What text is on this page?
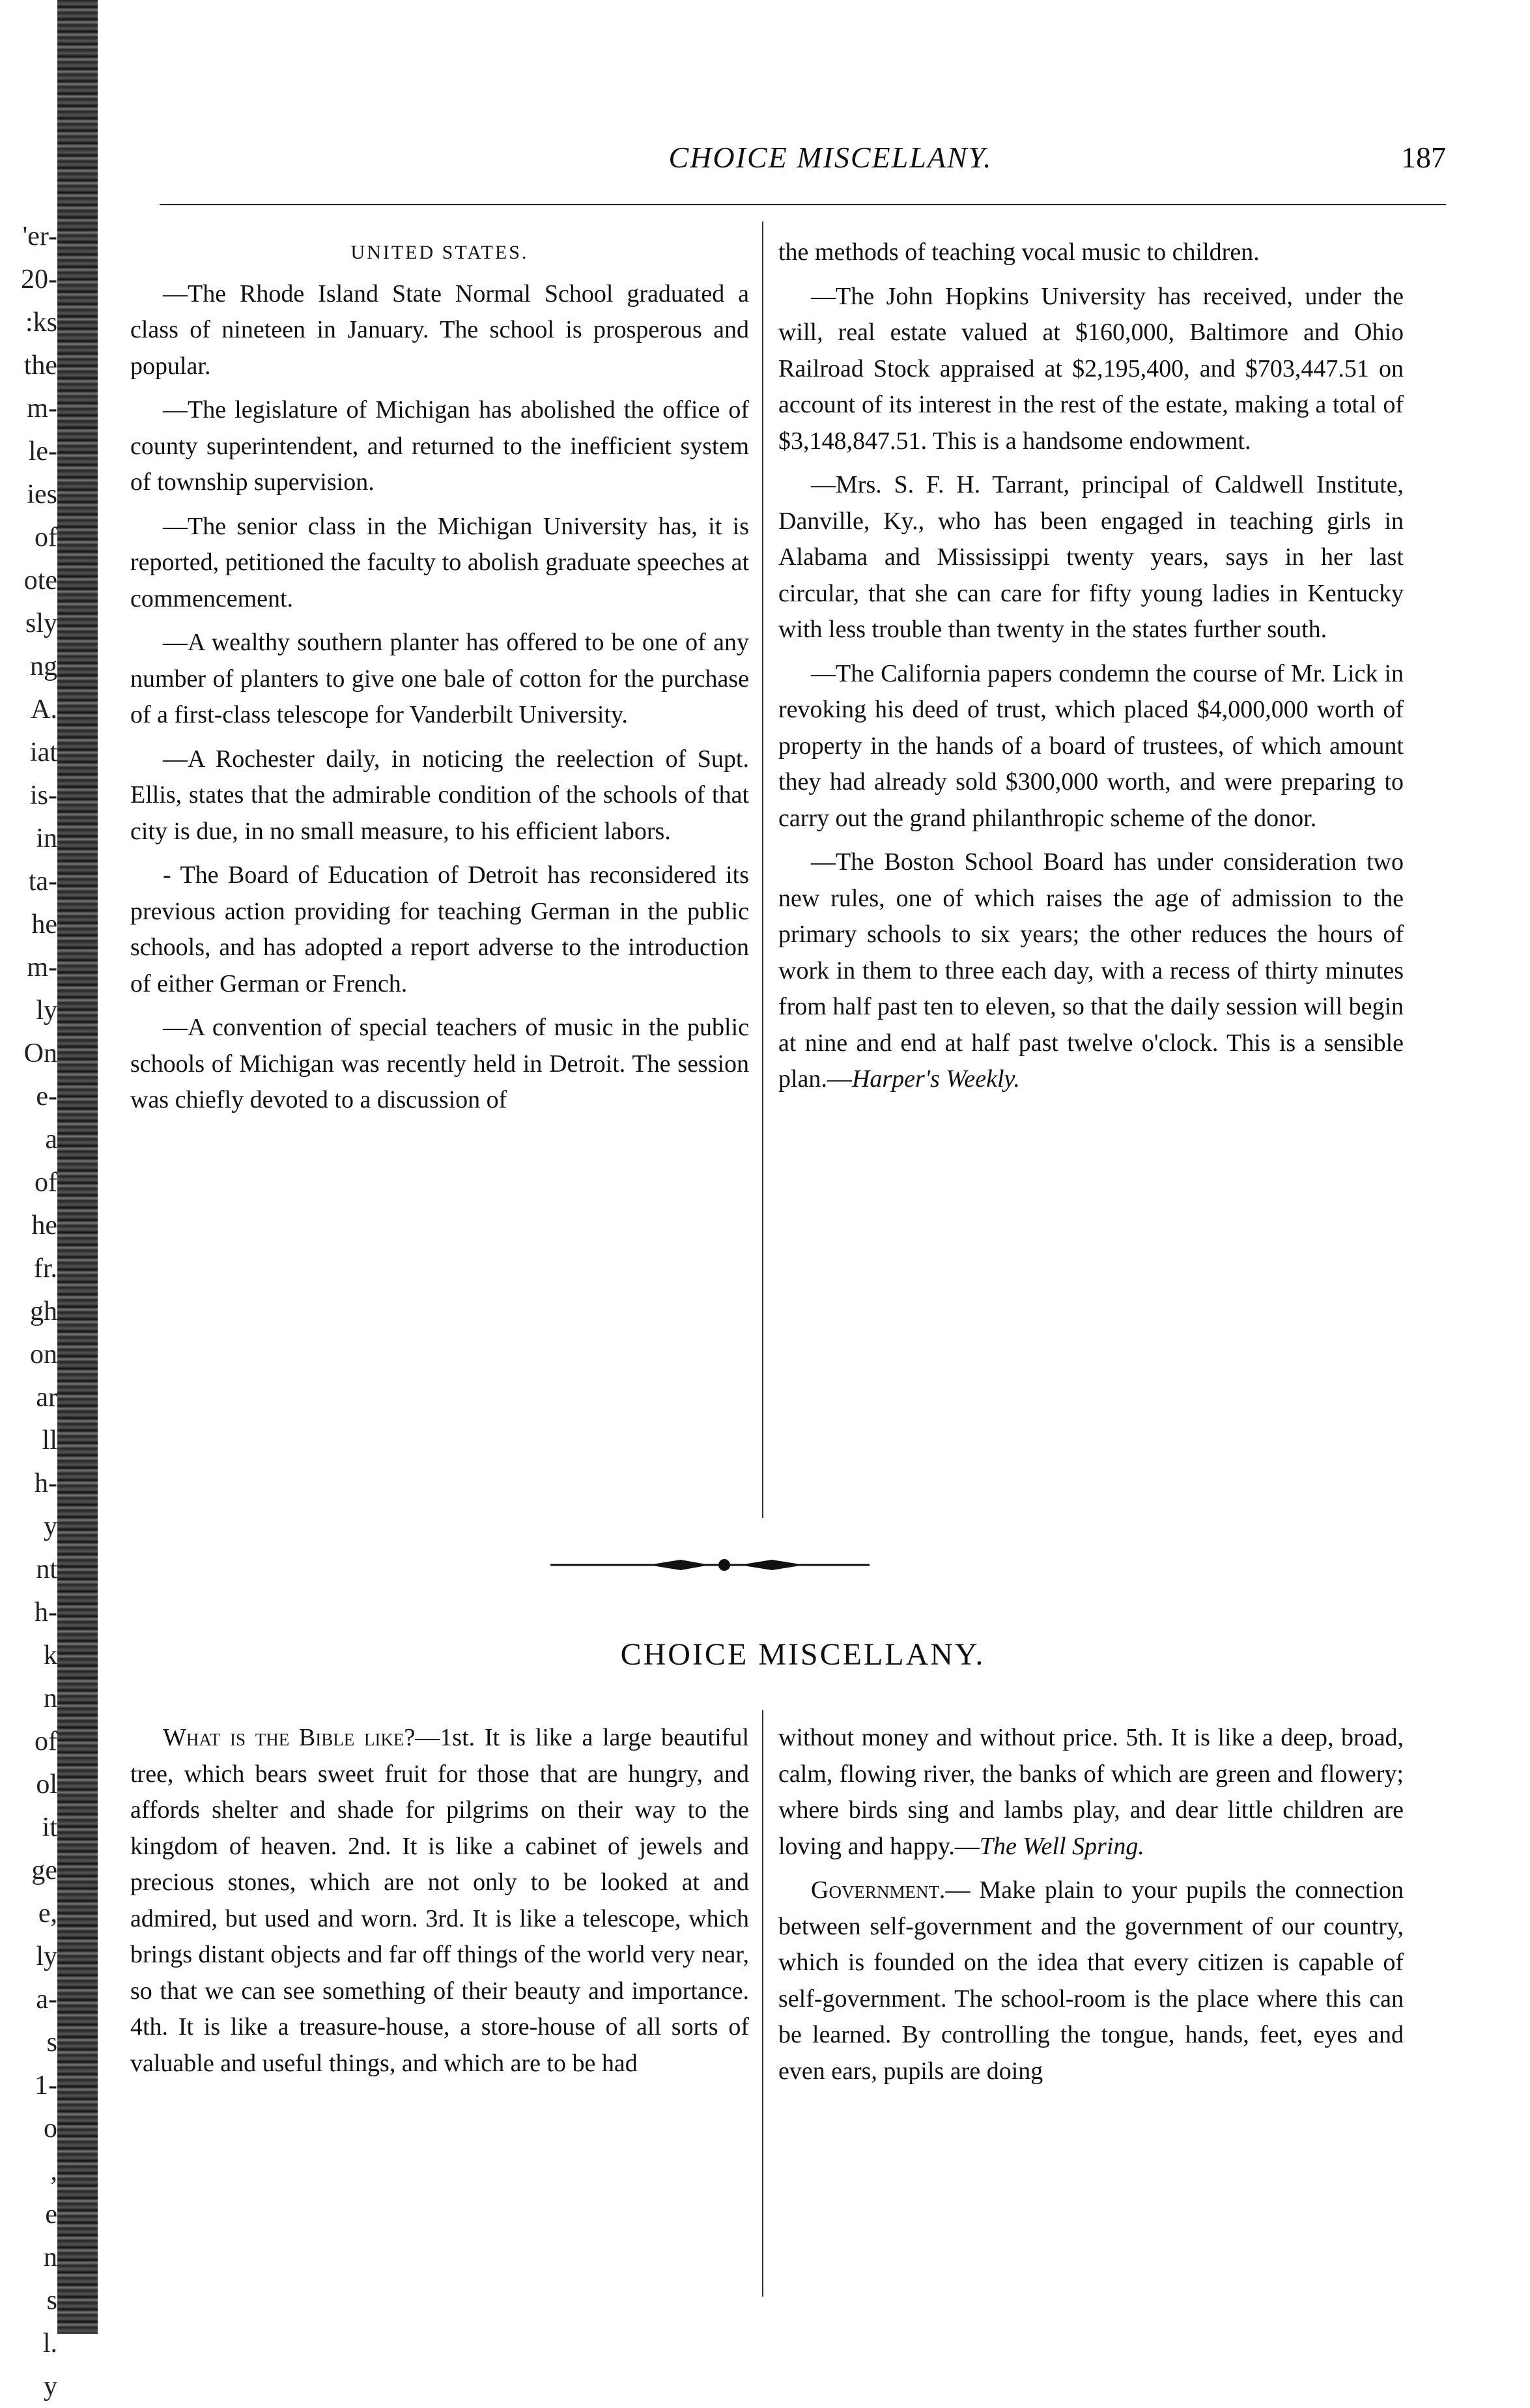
'er-
20-
:ks
the
m-
le-
ies
of
ote
sly
ng
A.
iat
is-
in
ta-
he
m-
ly
On
e-
a
of
he
fr.
gh
on
ar
ll
h-
y
nt
h-
k
n
of
ol
it
ge
e,
ly
a-
s
1-
o
,
e
n
s
l.
y
CHOICE MISCELLANY.	187

UNITED STATES.

—The Rhode Island State Normal School graduated a class of nineteen in January. The school is prosperous and popular.

—The legislature of Michigan has abolished the office of county superintendent, and returned to the inefficient system of township supervision.

—The senior class in the Michigan University has, it is reported, petitioned the faculty to abolish graduate speeches at commencement.

—A wealthy southern planter has offered to be one of any number of planters to give one bale of cotton for the purchase of a first-class telescope for Vanderbilt University.

—A Rochester daily, in noticing the reelection of Supt. Ellis, states that the admirable condition of the schools of that city is due, in no small measure, to his efficient labors.

- The Board of Education of Detroit has reconsidered its previous action providing for teaching German in the public schools, and has adopted a report adverse to the introduction of either German or French.

—A convention of special teachers of music in the public schools of Michigan was recently held in Detroit. The session was chiefly devoted to a discussion of

the methods of teaching vocal music to children.

—The John Hopkins University has received, under the will, real estate valued at $160,000, Baltimore and Ohio Railroad Stock appraised at $2,195,400, and $703,447.51 on account of its interest in the rest of the estate, making a total of $3,148,847.51. This is a handsome endowment.

—Mrs. S. F. H. Tarrant, principal of Caldwell Institute, Danville, Ky., who has been engaged in teaching girls in Alabama and Mississippi twenty years, says in her last circular, that she can care for fifty young ladies in Kentucky with less trouble than twenty in the states further south.

—The California papers condemn the course of Mr. Lick in revoking his deed of trust, which placed $4,000,000 worth of property in the hands of a board of trustees, of which amount they had already sold $300,000 worth, and were preparing to carry out the grand philanthropic scheme of the donor.

—The Boston School Board has under consideration two new rules, one of which raises the age of admission to the primary schools to six years; the other reduces the hours of work in them to three each day, with a recess of thirty minutes from half past ten to eleven, so that the daily session will begin at nine and end at half past twelve o'clock. This is a sensible plan.—Harper's Weekly.

CHOICE MISCELLANY.

What is the Bible like?—1st. It is like a large beautiful tree, which bears sweet fruit for those that are hungry, and affords shelter and shade for pilgrims on their way to the kingdom of heaven. 2nd. It is like a cabinet of jewels and precious stones, which are not only to be looked at and admired, but used and worn. 3rd. It is like a telescope, which brings distant objects and far off things of the world very near, so that we can see something of their beauty and importance. 4th. It is like a treasure-house, a store-house of all sorts of valuable and useful things, and which are to be had

without money and without price. 5th. It is like a deep, broad, calm, flowing river, the banks of which are green and flowery; where birds sing and lambs play, and dear little children are loving and happy.—The Well Spring.

Government.— Make plain to your pupils the connection between self-government and the government of our country, which is founded on the idea that every citizen is capable of self-government. The school-room is the place where this can be learned. By controlling the tongue, hands, feet, eyes and even ears, pupils are doing
